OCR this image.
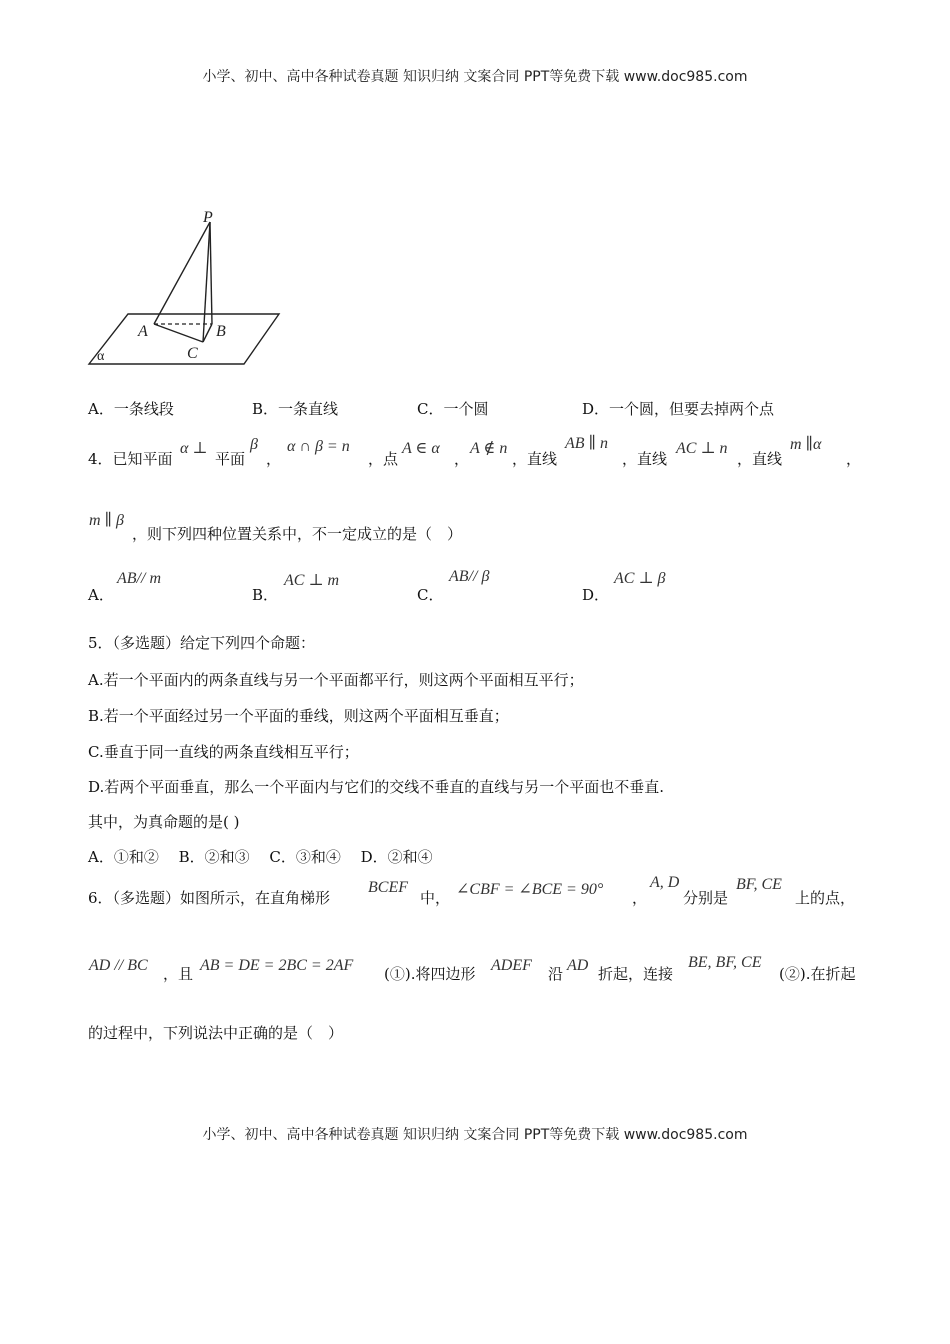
小学、初中、高中各种试卷真题 知识归纳 文案合同 PPT等免费下载 www.doc985.com
小学、初中、高中各种试卷真题 知识归纳 文案合同 PPT等免费下载 www.doc985.com
P
A	B
C
α
A．一条线段	B．一条直线	C．一个圆	D．一个圆，但要去掉两个点
4．已知平面
α ⊥
平面
β
，
α ∩ β = n
，点
A ∈ α
，
A ∉ n
，直线
AB ∥ n
，直线
AC ⊥ n
，直线
m ∥α
，
m ∥ β
，则下列四种位置关系中，不一定成立的是（　）
A．
AB// m
B．
AC ⊥ m
C．
AB// β
D．
AC ⊥ β
5．（多选题）给定下列四个命题：
A.若一个平面内的两条直线与另一个平面都平行，则这两个平面相互平行；
B.若一个平面经过另一个平面的垂线，则这两个平面相互垂直；
C.垂直于同一直线的两条直线相互平行；
D.若两个平面垂直，那么一个平面内与它们的交线不垂直的直线与另一个平面也不垂直.
其中，为真命题的是( )
A．①和②　 B．②和③　 C．③和④　 D．②和④
6．（多选题）如图所示，在直角梯形
BCEF
中， ∠CBF = ∠BCE = 90° ，
A, D
分别是
BF, CE
上的点，
AD // BC ，且 AB = DE = 2BC = 2AF (①).将四边形 ADEF 沿 AD 折起，连接
BE, BF, CE
(②).在折起
的过程中，下列说法中正确的是（　）
